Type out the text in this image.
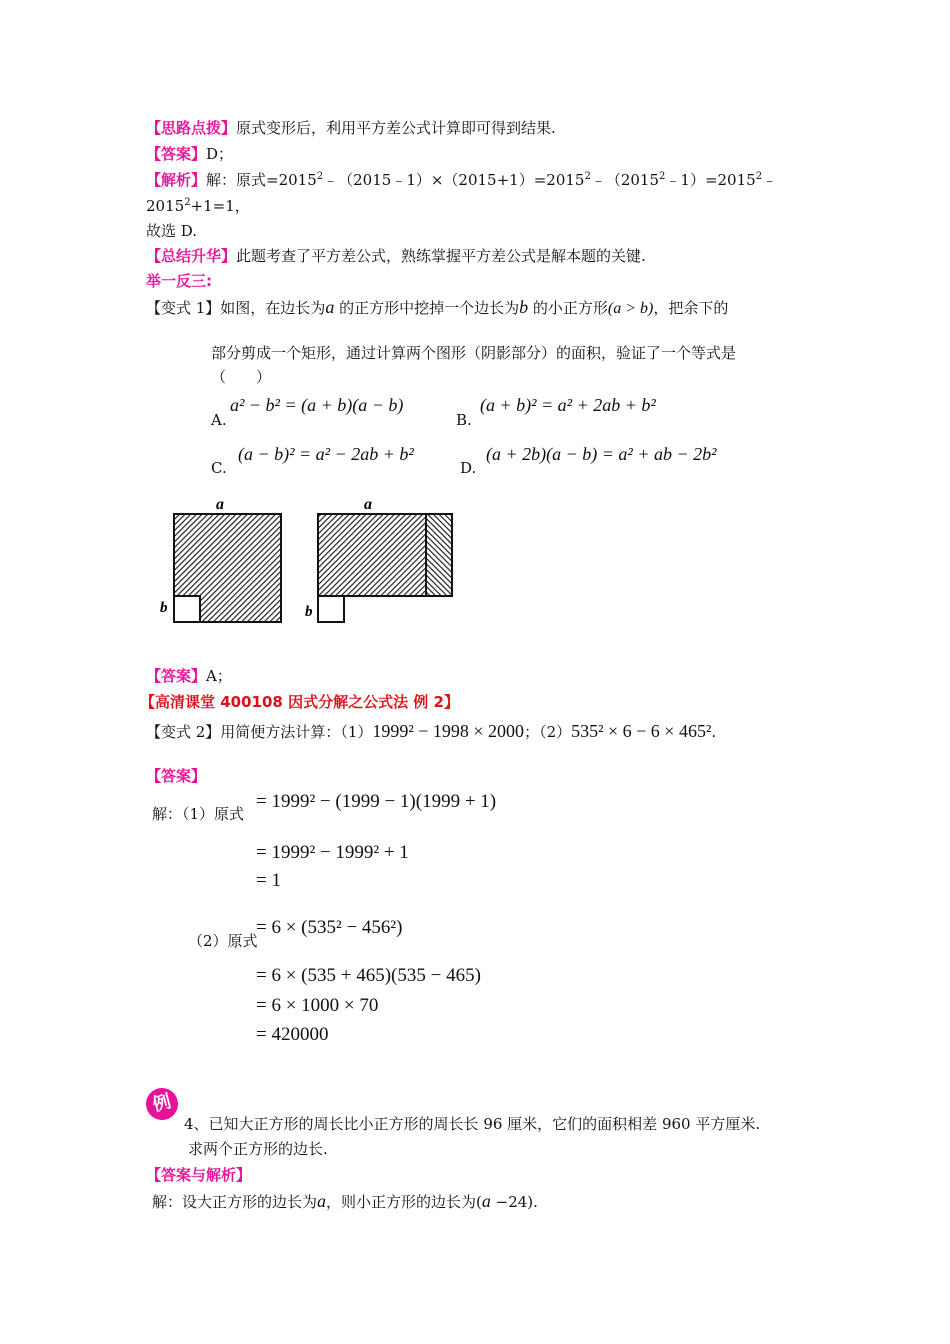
【思路点拨】原式变形后，利用平方差公式计算即可得到结果.
【答案】D；
【解析】解：原式$=2015^2﹣(2015﹣1)\times(2015+1)=2015^2﹣(2015^2﹣1)=2015^2﹣$
$2015^2+1=1$，
故选 D.
【总结升华】此题考查了平方差公式，熟练掌握平方差公式是解本题的关键.
举一反三:
【变式 1】如图，在边长为a 的正方形中挖掉一个边长为b 的小正方形(a > b)，把余下的
部分剪成一个矩形，通过计算两个图形（阴影部分）的面积，验证了一个等式是
（　　）
A.
a² − b² = (a + b)(a − b)
B.
(a + b)² = a² + 2ab + b²
C.
(a − b)² = a² − 2ab + b²
D.
(a + 2b)(a − b) = a² + ab − 2b²
a
b
a
b
【答案】A；
【高清课堂 400108 因式分解之公式法 例 2】
【变式 2】用简便方法计算：（1）1999² − 1998 × 2000；（2）535² × 6 − 6 × 465².
【答案】
解：（1）原式
= 1999² − (1999 − 1)(1999 + 1)
= 1999² − 1999² + 1
= 1
（2）原式
= 6 × (535² − 456²)
= 6 × (535 + 465)(535 − 465)
= 6 × 1000 × 70
= 420000
例
4、已知大正方形的周长比小正方形的周长长 96 厘米，它们的面积相差 960 平方厘米.
求两个正方形的边长.
【答案与解析】
解：设大正方形的边长为a，则小正方形的边长为(a −24).
